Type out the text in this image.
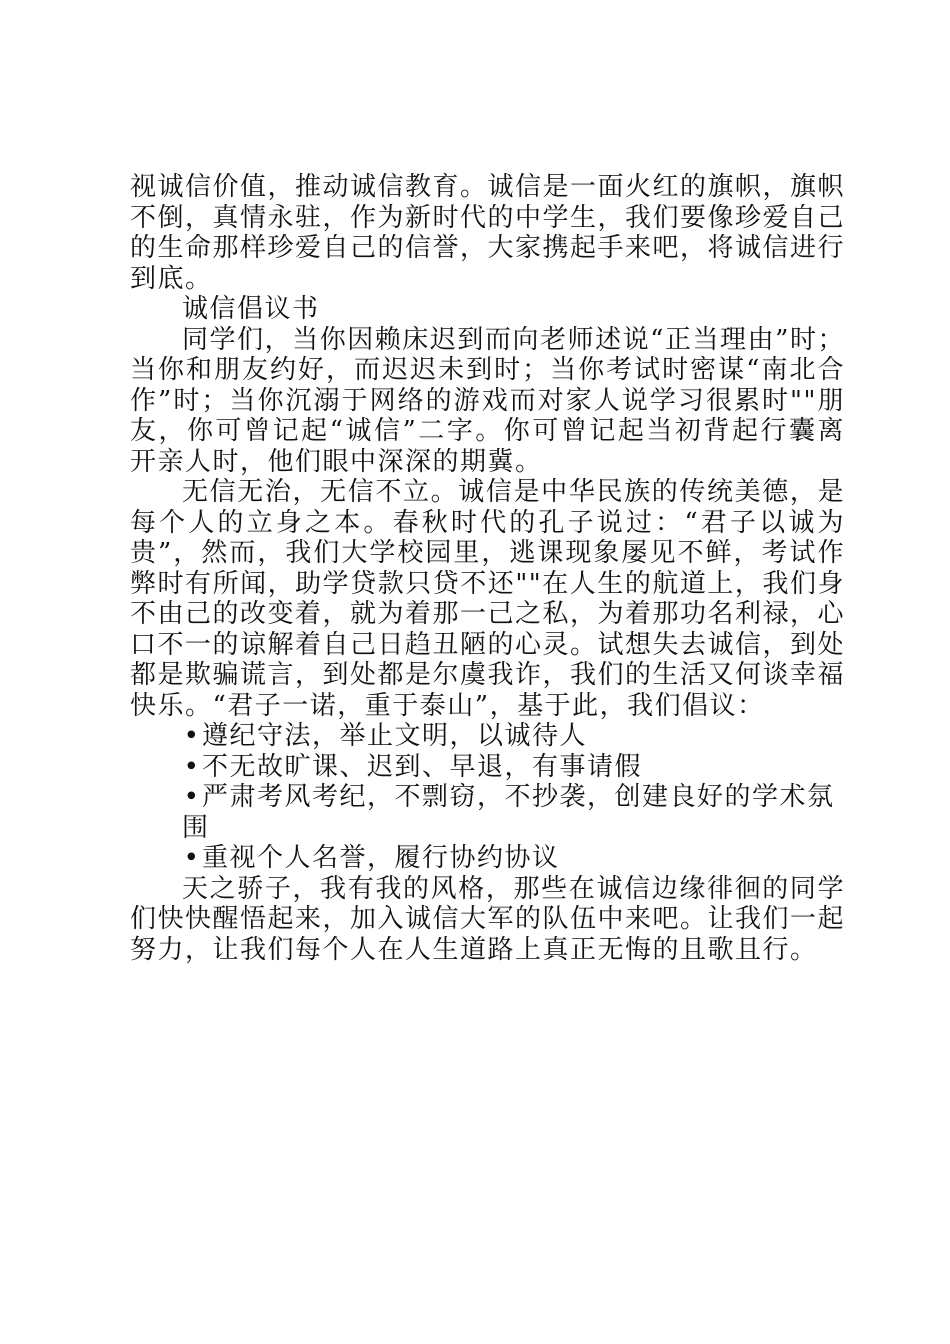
视诚信价值，推动诚信教育。诚信是一面火红的旗帜，旗帜不倒，真情永驻，作为新时代的中学生，我们要像珍爱自己的生命那样珍爱自己的信誉，大家携起手来吧，将诚信进行到底。

诚信倡议书

同学们，当你因赖床迟到而向老师述说“正当理由”时；当你和朋友约好，而迟迟未到时；当你考试时密谋“南北合作”时；当你沉溺于网络的游戏而对家人说学习很累时""朋友，你可曾记起“诚信”二字。你可曾记起当初背起行囊离开亲人时，他们眼中深深的期冀。

无信无治，无信不立。诚信是中华民族的传统美德，是每个人的立身之本。春秋时代的孔子说过：“君子以诚为贵”，然而，我们大学校园里，逃课现象屡见不鲜，考试作弊时有所闻，助学贷款只贷不还""在人生的航道上，我们身不由己的改变着，就为着那一己之私，为着那功名利禄，心口不一的谅解着自己日趋丑陋的心灵。试想失去诚信，到处都是欺骗谎言，到处都是尔虞我诈，我们的生活又何谈幸福快乐。“君子一诺，重于泰山”，基于此，我们倡议：

•遵纪守法，举止文明，以诚待人
•不无故旷课、迟到、早退，有事请假
•严肃考风考纪，不剽窃，不抄袭，创建良好的学术氛围
•重视个人名誉，履行协约协议

天之骄子，我有我的风格，那些在诚信边缘徘徊的同学们快快醒悟起来，加入诚信大军的队伍中来吧。让我们一起努力，让我们每个人在人生道路上真正无悔的且歌且行。
